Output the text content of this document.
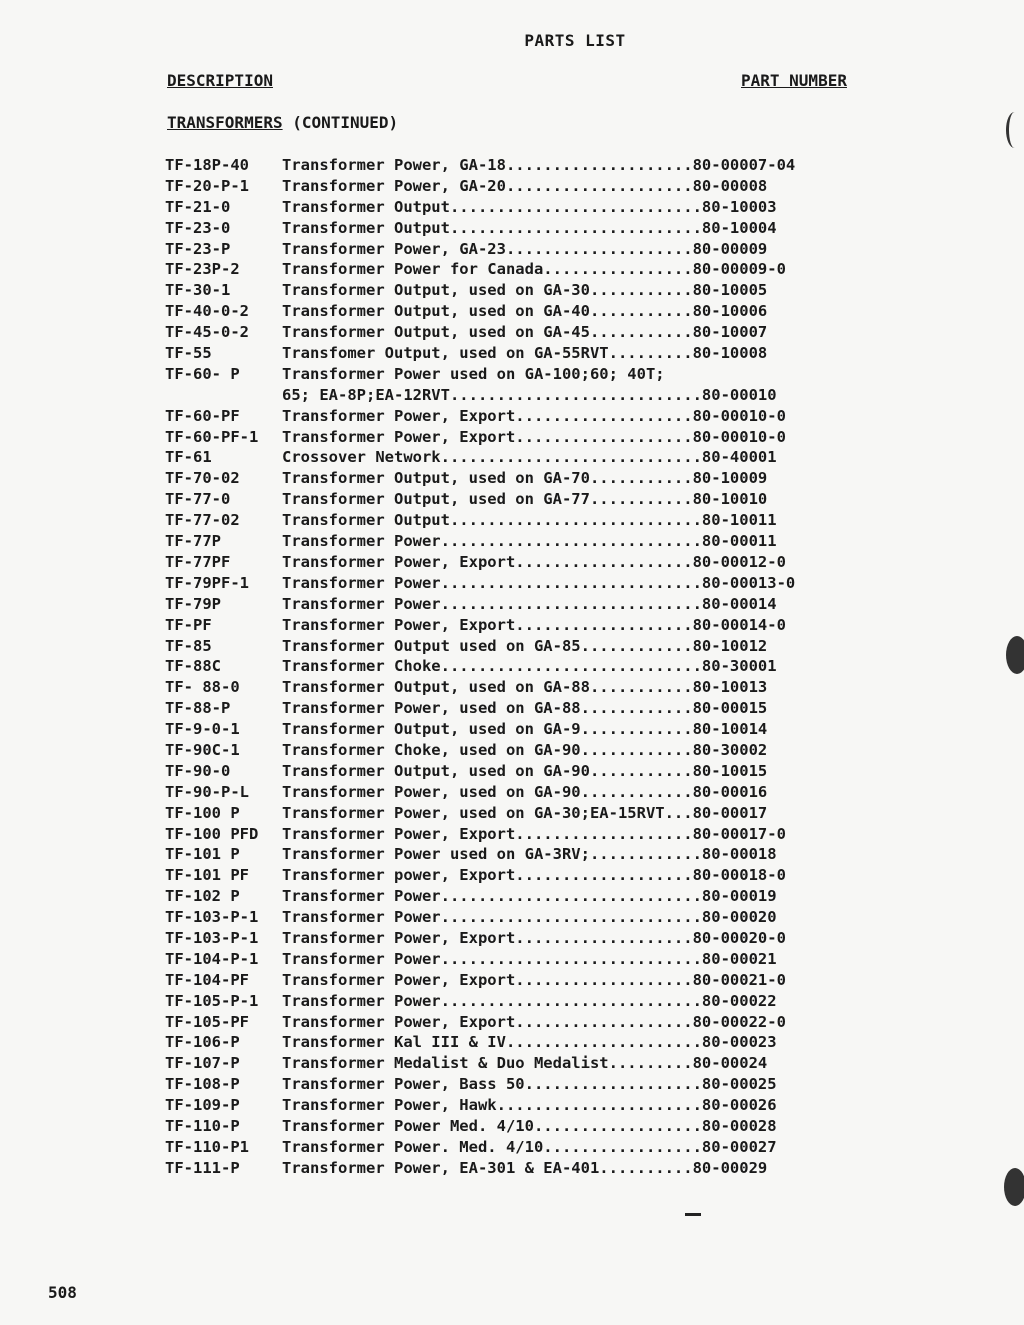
PARTS LIST
DESCRIPTION	PART NUMBER
TRANSFORMERS (CONTINUED)
TF-18P-40 Transformer Power, GA-18....................80-00007-04
TF-20-P-1 Transformer Power, GA-20....................80-00008
TF-21-0	Transformer Output...........................80-10003
TF-23-0	Transformer Output...........................80-10004
TF-23-P	Transformer Power, GA-23....................80-00009
TF-23P-2	Transformer Power for Canada................80-00009-0
TF-30-1	Transformer Output, used on GA-30...........80-10005
TF-40-0-2 Transformer Output, used on GA-40...........80-10006
TF-45-0-2 Transformer Output, used on GA-45...........80-10007
TF-55	Transfomer Output, used on GA-55RVT.........80-10008
TF-60- P	Transformer Power used on GA-100;60; 40T;
65; EA-8P;EA-12RVT...........................80-00010
TF-60-PF	Transformer Power, Export...................80-00010-0
TF-60-PF-1 Transformer Power, Export...................80-00010-0
TF-61	Crossover Network............................80-40001
TF-70-02	Transformer Output, used on GA-70...........80-10009
TF-77-0	Transformer Output, used on GA-77...........80-10010
TF-77-02	Transformer Output...........................80-10011
TF-77P	Transformer Power............................80-00011
TF-77PF	Transformer Power, Export...................80-00012-0
TF-79PF-1 Transformer Power............................80-00013-0
TF-79P	Transformer Power............................80-00014
TF-PF	Transformer Power, Export...................80-00014-0
TF-85	Transformer Output used on GA-85............80-10012
TF-88C	Transformer Choke............................80-30001
TF- 88-0	Transformer Output, used on GA-88...........80-10013
TF-88-P	Transformer Power, used on GA-88............80-00015
TF-9-0-1	Transformer Output, used on GA-9............80-10014
TF-90C-1	Transformer Choke, used on GA-90............80-30002
TF-90-0	Transformer Output, used on GA-90...........80-10015
TF-90-P-L Transformer Power, used on GA-90............80-00016
TF-100 P	Transformer Power, used on GA-30;EA-15RVT...80-00017
TF-100 PFD Transformer Power, Export...................80-00017-0
TF-101 P	Transformer Power used on GA-3RV;............80-00018
TF-101 PF Transformer power, Export...................80-00018-0
TF-102 P	Transformer Power............................80-00019
TF-103-P-1 Transformer Power............................80-00020
TF-103-P-1 Transformer Power, Export...................80-00020-0
TF-104-P-1 Transformer Power............................80-00021
TF-104-PF Transformer Power, Export...................80-00021-0
TF-105-P-1 Transformer Power............................80-00022
TF-105-PF Transformer Power, Export...................80-00022-0
TF-106-P	Transformer Kal III & IV.....................80-00023
TF-107-P	Transformer Medalist & Duo Medalist.........80-00024
TF-108-P	Transformer Power, Bass 50...................80-00025
TF-109-P	Transformer Power, Hawk......................80-00026
TF-110-P	Transformer Power Med. 4/10..................80-00028
TF-110-P1 Transformer Power. Med. 4/10.................80-00027
TF-111-P	Transformer Power, EA-301 & EA-401..........80-00029
508
